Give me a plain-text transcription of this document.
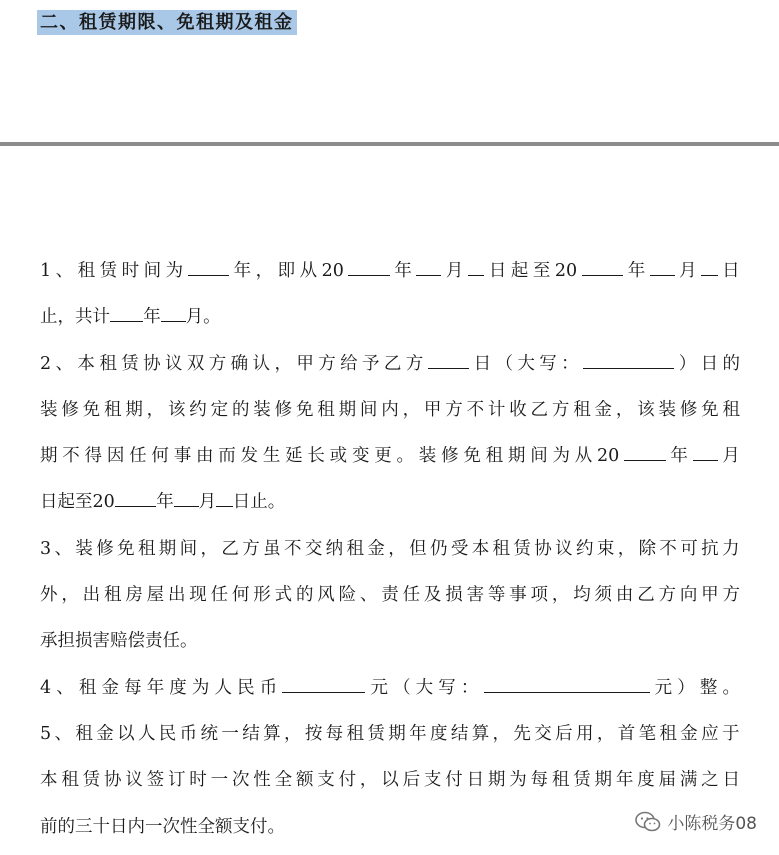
二、租赁期限、免租期及租金
1 、 租 赁 时 间 为	年 ， 即 从 20	年 月 日 起 至 20	年 月 日
止，共计 年 月。
2 、 本 租 赁 协 议 双 方 确 认 ， 甲 方 给 予 乙 方	日 （ 大 写 ：	） 日 的
装 修 免 租 期 ， 该 约 定 的 装 修 免 租 期 间 内 ， 甲 方 不 计 收 乙 方 租 金 ， 该 装 修 免 租
期 不 得 因 任 何 事 由 而 发 生 延 长 或 变 更 。 装 修 免 租 期 间 为 从 20	年 月
日起至20 年 月 日止。
3 、 装 修 免 租 期 间 ， 乙 方 虽 不 交 纳 租 金 ， 但 仍 受 本 租 赁 协 议 约 束 ， 除 不 可 抗 力
外 ， 出 租 房 屋 出 现 任 何 形 式 的 风 险 、 责 任 及 损 害 等 事 项 ， 均 须 由 乙 方 向 甲 方
承担损害赔偿责任。
4 、 租 金 每 年 度 为 人 民 币	元 （ 大 写 ：	元 ） 整 。
5 、 租 金 以 人 民 币 统 一 结 算 ， 按 每 租 赁 期 年 度 结 算 ， 先 交 后 用 ， 首 笔 租 金 应 于
本 租 赁 协 议 签 订 时 一 次 性 全 额 支 付 ， 以 后 支 付 日 期 为 每 租 赁 期 年 度 届 满 之 日
前的三十日内一次性全额支付。	小陈税务08
